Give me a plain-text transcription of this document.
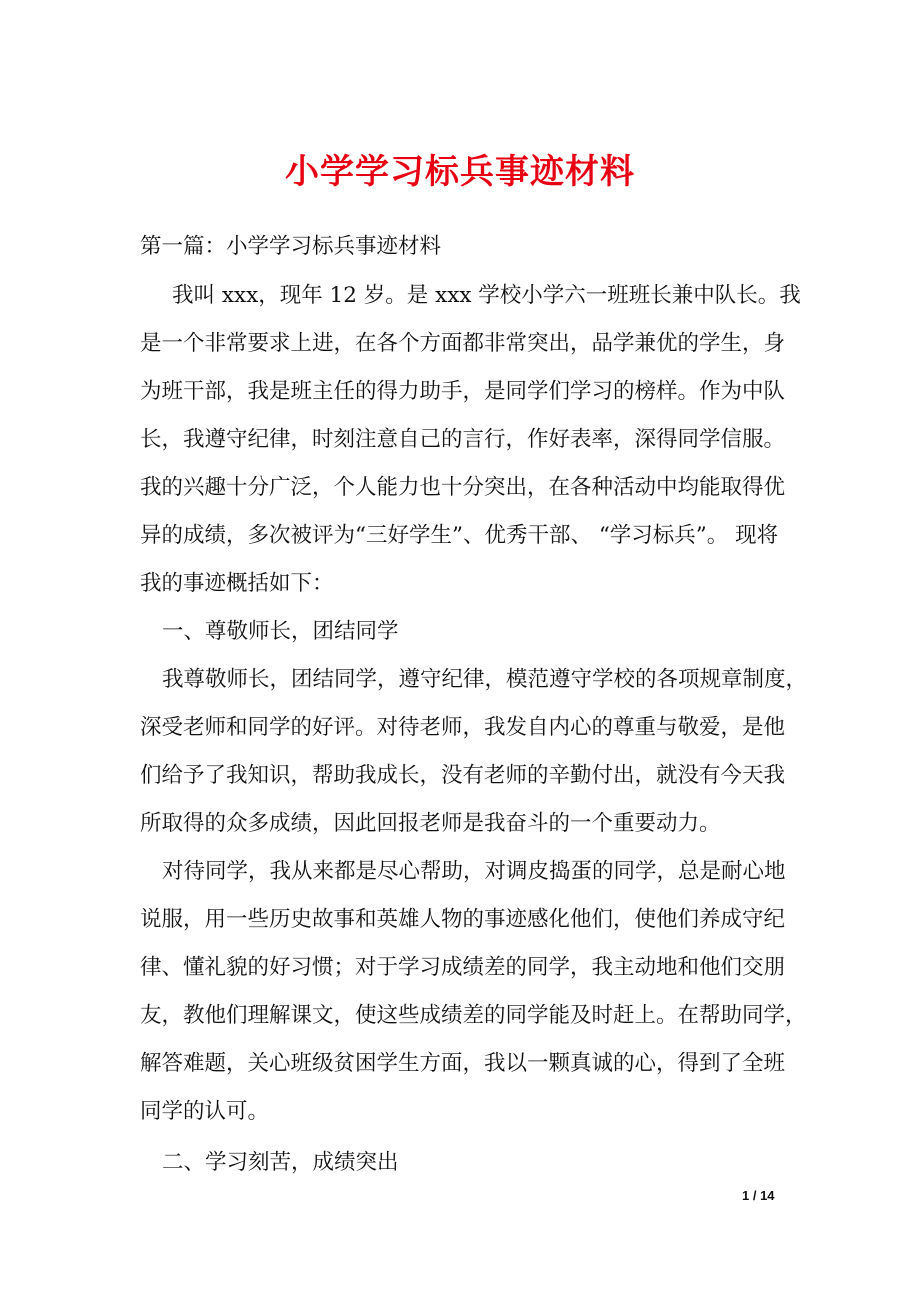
小学学习标兵事迹材料
第一篇：小学学习标兵事迹材料
我叫 xxx，现年 12 岁。是 xxx 学校小学六一班班长兼中队长。我
是一个非常要求上进，在各个方面都非常突出，品学兼优的学生，身
为班干部，我是班主任的得力助手，是同学们学习的榜样。作为中队
长，我遵守纪律，时刻注意自己的言行，作好表率，深得同学信服。
我的兴趣十分广泛，个人能力也十分突出，在各种活动中均能取得优
异的成绩，多次被评为“三好学生”、优秀干部、 “学习标兵”。 现将
我的事迹概括如下：
一、尊敬师长，团结同学
我尊敬师长，团结同学，遵守纪律，模范遵守学校的各项规章制度，
深受老师和同学的好评。对待老师，我发自内心的尊重与敬爱，是他
们给予了我知识，帮助我成长，没有老师的辛勤付出，就没有今天我
所取得的众多成绩，因此回报老师是我奋斗的一个重要动力。
对待同学，我从来都是尽心帮助，对调皮捣蛋的同学，总是耐心地
说服，用一些历史故事和英雄人物的事迹感化他们，使他们养成守纪
律、懂礼貌的好习惯；对于学习成绩差的同学，我主动地和他们交朋
友，教他们理解课文，使这些成绩差的同学能及时赶上。在帮助同学，
解答难题，关心班级贫困学生方面，我以一颗真诚的心，得到了全班
同学的认可。
二、学习刻苦，成绩突出
1 / 14
